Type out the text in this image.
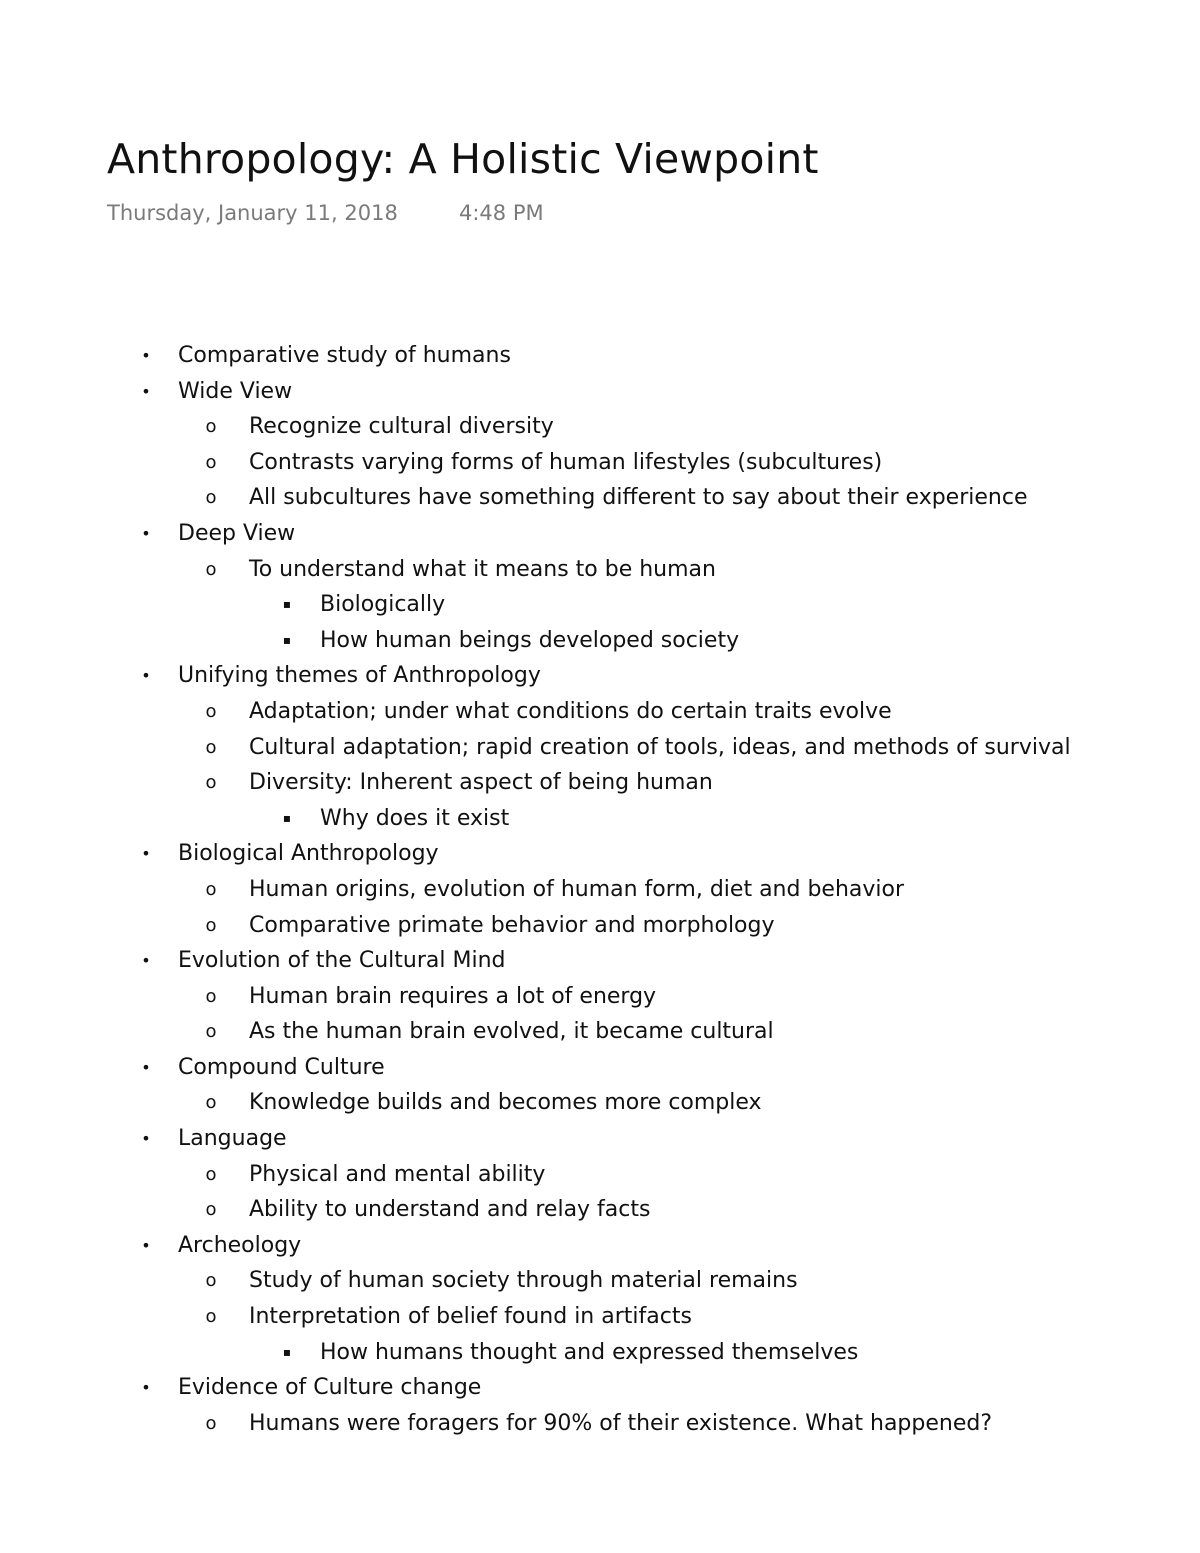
Anthropology: A Holistic Viewpoint
Thursday, January 11, 2018	4:48 PM
• Comparative study of humans
• Wide View
o Recognize cultural diversity
o Contrasts varying forms of human lifestyles (subcultures)
o All subcultures have something different to say about their experience
• Deep View
o To understand what it means to be human
▪ Biologically
▪ How human beings developed society
• Unifying themes of Anthropology
o Adaptation; under what conditions do certain traits evolve
o Cultural adaptation; rapid creation of tools, ideas, and methods of survival
o Diversity: Inherent aspect of being human
▪ Why does it exist
• Biological Anthropology
o Human origins, evolution of human form, diet and behavior
o Comparative primate behavior and morphology
• Evolution of the Cultural Mind
o Human brain requires a lot of energy
o As the human brain evolved, it became cultural
• Compound Culture
o Knowledge builds and becomes more complex
• Language
o Physical and mental ability
o Ability to understand and relay facts
• Archeology
o Study of human society through material remains
o Interpretation of belief found in artifacts
▪ How humans thought and expressed themselves
• Evidence of Culture change
o Humans were foragers for 90% of their existence. What happened?
